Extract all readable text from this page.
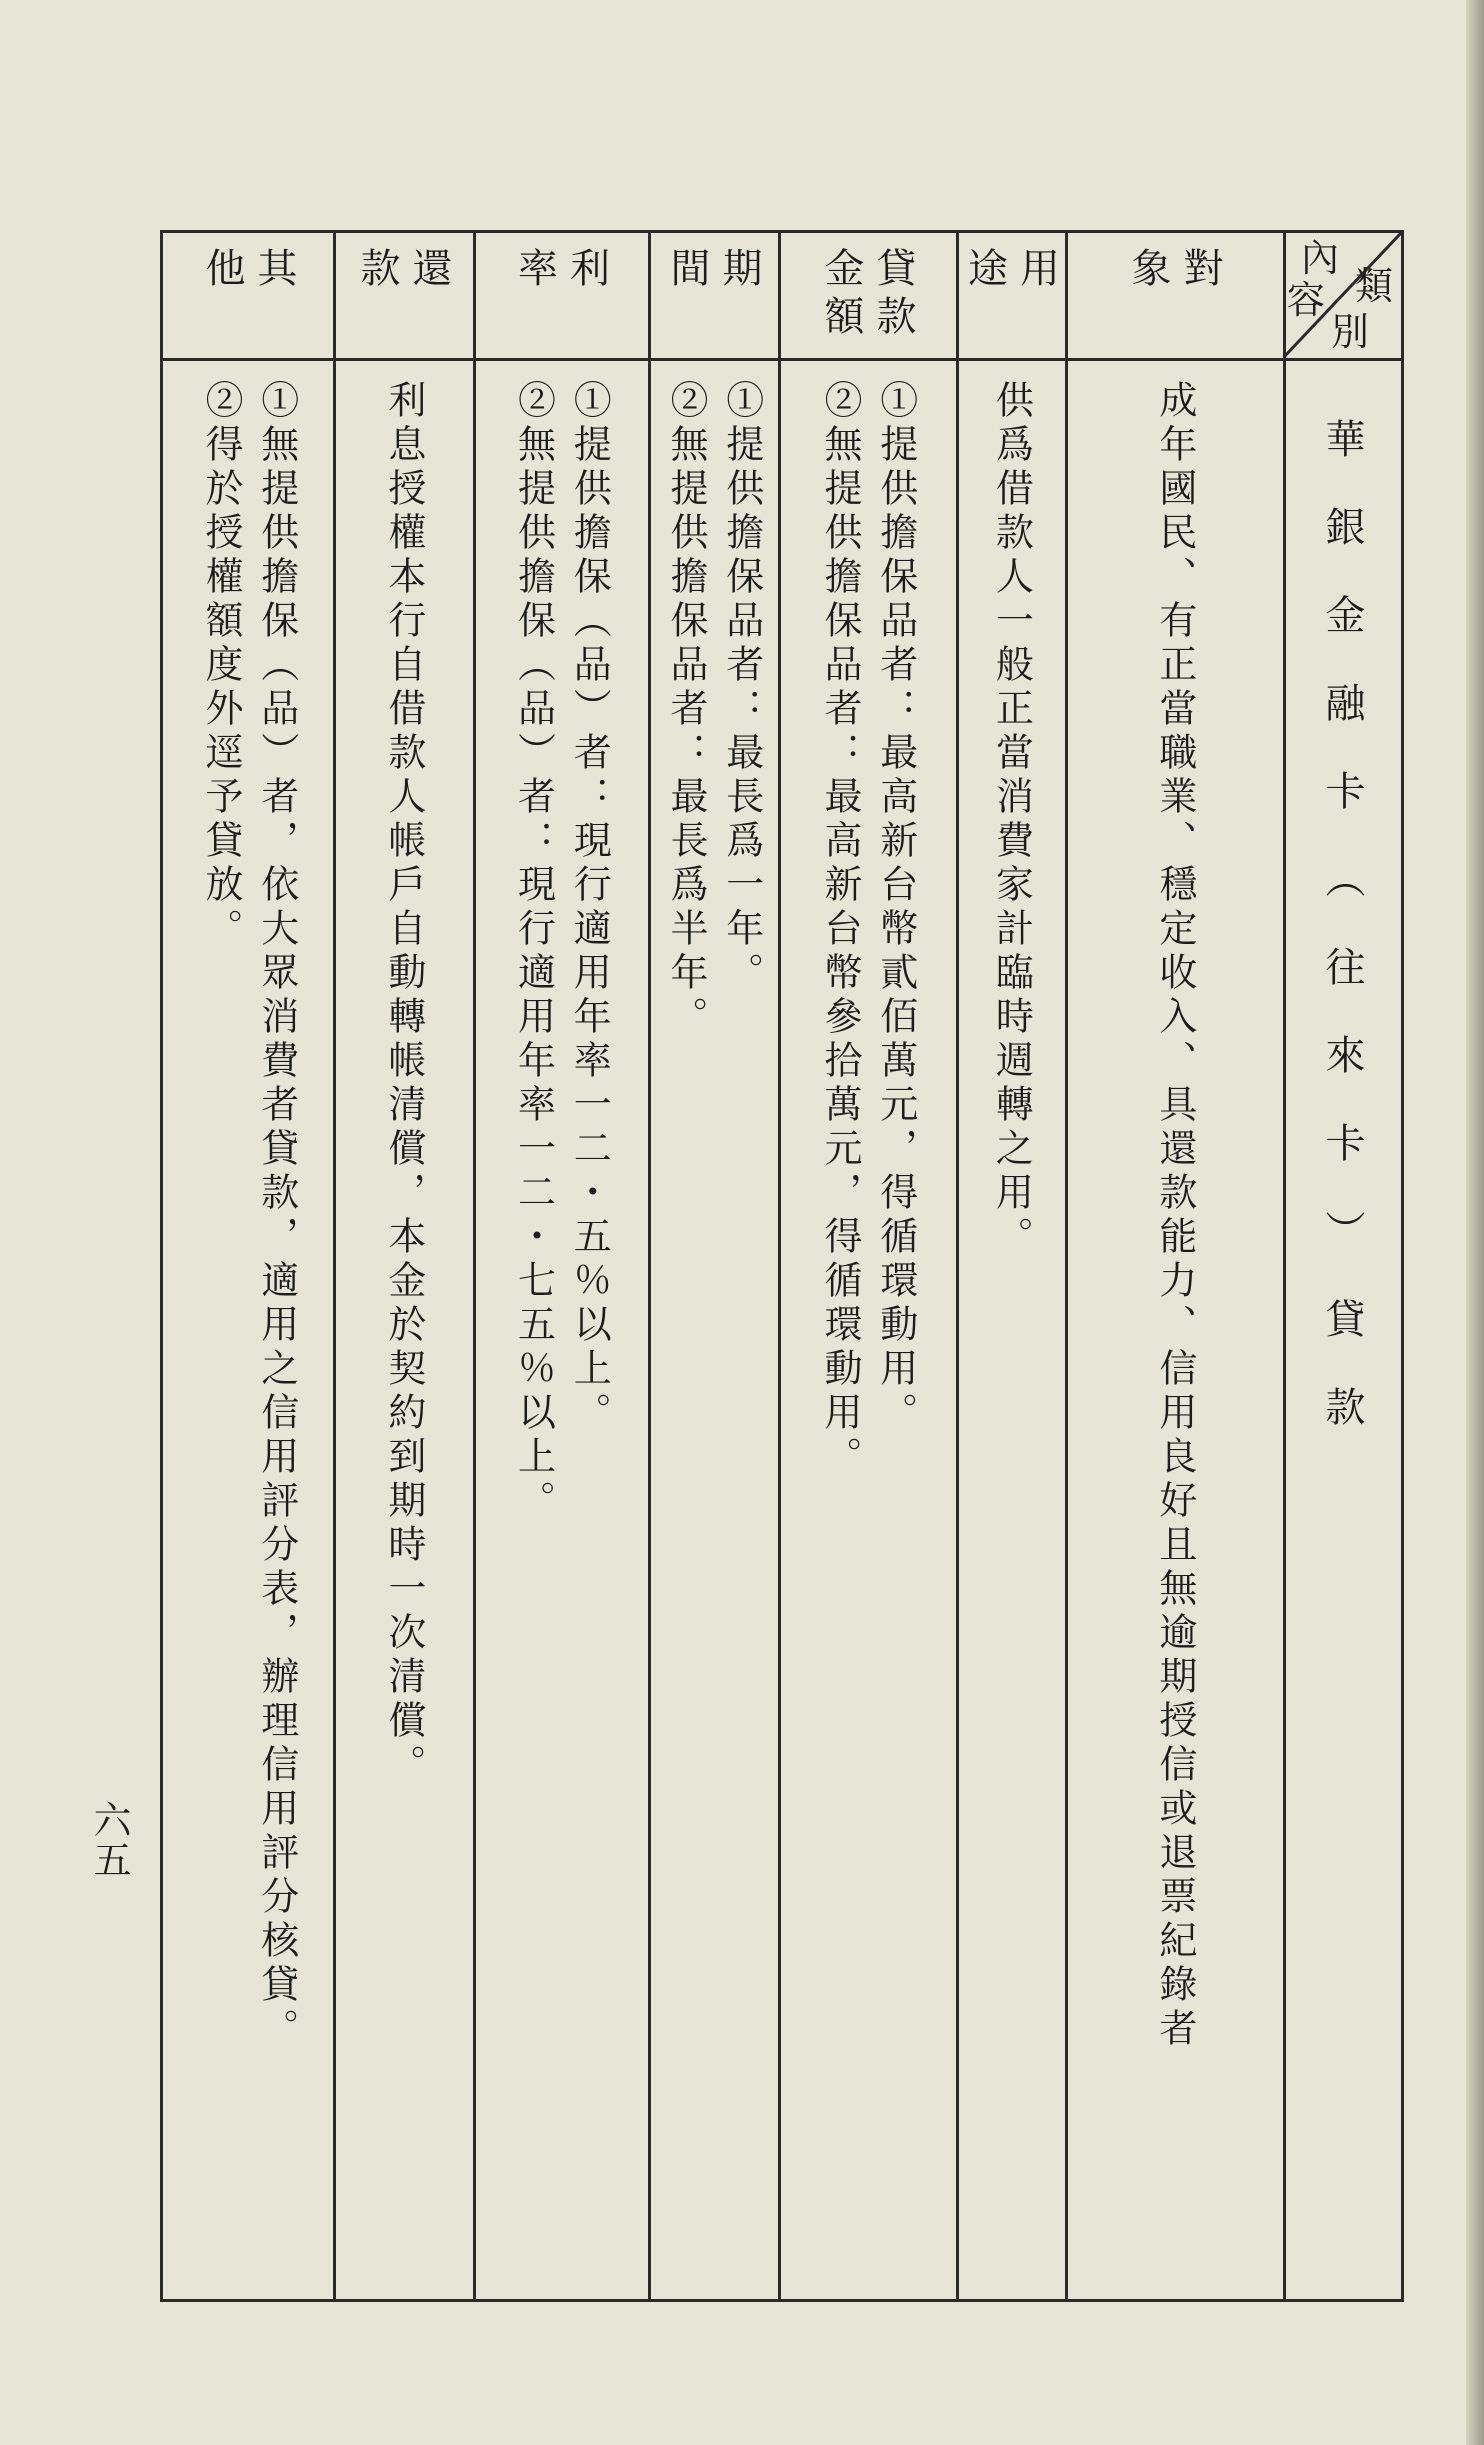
內
類
容
別
華銀金融卡︵往來卡︶貸款
對
象
成年國民、有正當職業、穩定收入、具還款能力、信用良好且無逾期授信或退票紀錄者
用
途
供爲借款人一般正當消費家計臨時週轉之用。
貸款
金額
①提供擔保品者：最高新台幣貳佰萬元，得循環動用。
②無提供擔保品者：最高新台幣參拾萬元，得循環動用。
期
間
①提供擔保品者：最長爲一年。
②無提供擔保品者：最長爲半年。
利
率
①提供擔保︵品︶者：現行適用年率一二・五％以上。
②無提供擔保︵品︶者：現行適用年率一二・七五％以上。
還
款
利息授權本行自借款人帳戶自動轉帳清償，本金於契約到期時一次清償。
其
他
①無提供擔保︵品︶者，依大眾消費者貸款，適用之信用評分表，辦理信用評分核貸。
②得於授權額度外逕予貸放。
六五
